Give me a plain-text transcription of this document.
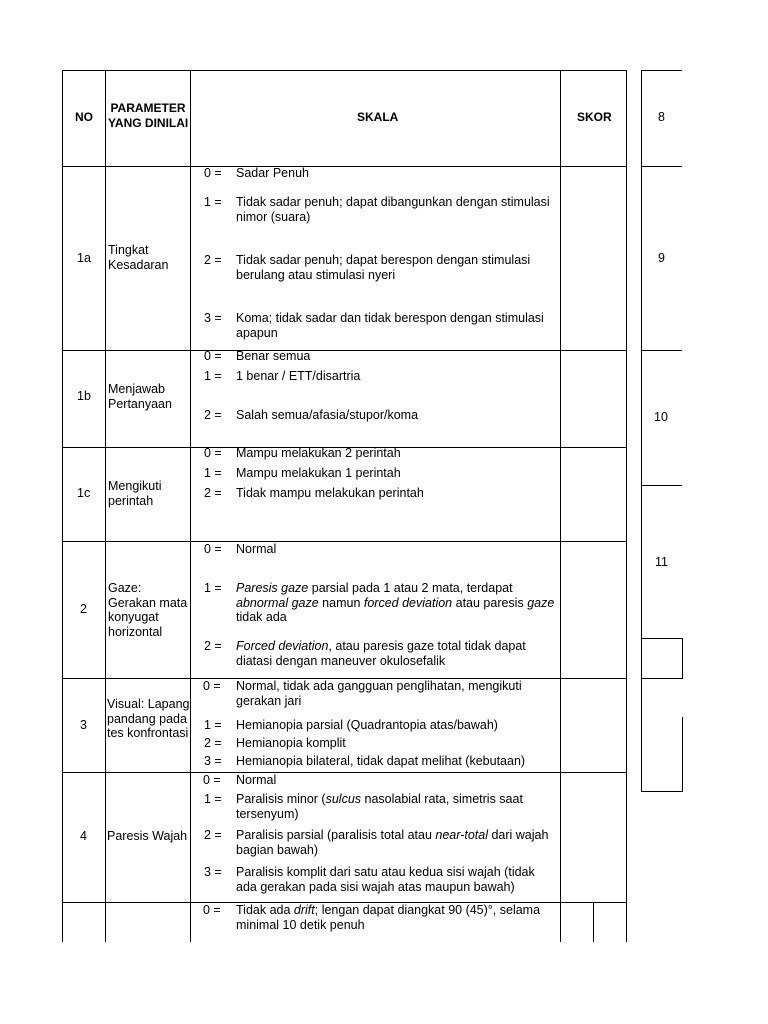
NO
PARAMETER
YANG DINILAI	SKALA	SKOR
1a
Tingkat Kesadaran
0 = Sadar Penuh
1 = Tidak sadar penuh; dapat dibangunkan dengan stimulasi nimor (suara)
2 = Tidak sadar penuh; dapat berespon dengan stimulasi berulang atau stimulasi nyeri
3 = Koma; tidak sadar dan tidak berespon dengan stimulasi apapun
1b Menjawab Pertanyaan
0 = Benar semua
1 = 1 benar / ETT/disartria
2 = Salah semua/afasia/stupor/koma
1c Mengikuti perintah
0 = Mampu melakukan 2 perintah
1 = Mampu melakukan 1 perintah
2 = Tidak mampu melakukan perintah
2
Gaze: Gerakan mata konyugat horizontal
0 = Normal
1 = Paresis gaze parsial pada 1 atau 2 mata, terdapat abnormal gaze namun forced deviation atau paresis gaze tidak ada
2 = Forced deviation, atau paresis gaze total tidak dapat diatasi dengan maneuver okulosefalik
3
Visual: Lapang pandang pada tes konfrontasi
0 = Normal, tidak ada gangguan penglihatan, mengikuti gerakan jari
1 = Hemianopia parsial (Quadrantopia atas/bawah)
2 = Hemianopia komplit
3 = Hemianopia bilateral, tidak dapat melihat (kebutaan)
4 Paresis Wajah
0 = Normal
1 = Paralisis minor (sulcus nasolabial rata, simetris saat tersenyum)
2 = Paralisis parsial (paralisis total atau near-total dari wajah bagian bawah)
3 = Paralisis komplit dari satu atau kedua sisi wajah (tidak ada gerakan pada sisi wajah atas maupun bawah)
0 = Tidak ada drift; lengan dapat diangkat 90 (45)°, selama minimal 10 detik penuh
8
9
10
11
